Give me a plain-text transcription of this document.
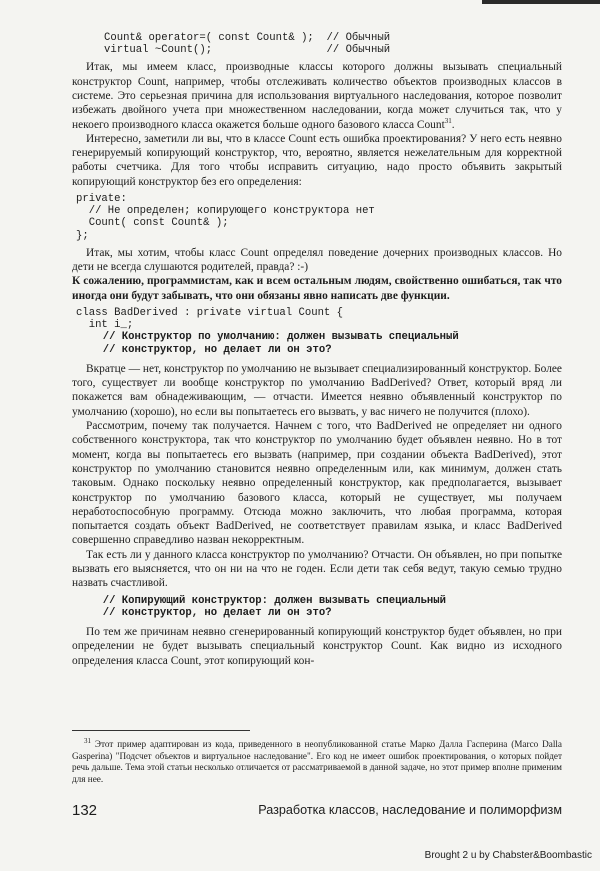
Count& operator=( const Count& );  // Обычный
virtual ~Count();                  // Обычный

Итак, мы имеем класс, производные классы которого должны вызывать специальный конструктор Count, например, чтобы отслеживать количество объектов производных классов в системе. Это серьезная причина для использования виртуального наследования, которое позволит избежать двойного учета при множественном наследовании, когда может случиться так, что у некоего производного класса окажется больше одного базового класса Count$^{31}$.

Интересно, заметили ли вы, что в классе Count есть ошибка проектирования? У него есть неявно генерируемый копирующий конструктор, что, вероятно, является нежелательным для корректной работы счетчика. Для того чтобы исправить ситуацию, надо просто объявить закрытый копирующий конструктор без его определения:

private:
// Не определен; копирующего конструктора нет
Count( const Count& );
};

Итак, мы хотим, чтобы класс Count определял поведение дочерних производных классов. Но дети не всегда слушаются родителей, правда? :-)

К сожалению, программистам, как и всем остальным людям, свойственно ошибаться, так что иногда они будут забывать, что они обязаны явно написать две функции.

class BadDerived : private virtual Count {
int i_;
// Конструктор по умолчанию: должен вызывать специальный
// конструктор, но делает ли он это?

Вкратце — нет, конструктор по умолчанию не вызывает специализированный конструктор. Более того, существует ли вообще конструктор по умолчанию BadDerived? Ответ, который вряд ли покажется вам обнадеживающим, — отчасти. Имеется неявно объявленный конструктор по умолчанию (хорошо), но если вы попытаетесь его вызвать, у вас ничего не получится (плохо).

Рассмотрим, почему так получается. Начнем с того, что BadDerived не определяет ни одного собственного конструктора, так что конструктор по умолчанию будет объявлен неявно. Но в тот момент, когда вы попытаетесь его вызвать (например, при создании объекта BadDerived), этот конструктор по умолчанию становится неявно определенным или, как минимум, должен стать таковым. Однако поскольку неявно определенный конструктор, как предполагается, вызывает конструктор по умолчанию базового класса, который не существует, мы получаем неработоспособную программу. Отсюда можно заключить, что любая программа, которая попытается создать объект BadDerived, не соответствует правилам языка, и класс BadDerived совершенно справедливо назван некорректным.

Так есть ли у данного класса конструктор по умолчанию? Отчасти. Он объявлен, но при попытке вызвать его выясняется, что он ни на что не годен. Если дети так себя ведут, такую семью трудно назвать счастливой.

// Копирующий конструктор: должен вызывать специальный
// конструктор, но делает ли он это?

По тем же причинам неявно сгенерированный копирующий конструктор будет объявлен, но при определении не будет вызывать специальный конструктор Count. Как видно из исходного определения класса Count, этот копирующий кон-

$^{31}$ Этот пример адаптирован из кода, приведенного в неопубликованной статье Марко Далла Гасперина (Marco Dalla Gasperina) "Подсчет объектов и виртуальное наследование". Его код не имеет ошибок проектирования, о которых пойдет речь дальше. Тема этой статьи несколько отличается от рассматриваемой в данной задаче, но этот пример вполне применим для нее.

132	Разработка классов, наследование и полиморфизм
Brought 2 u by Chabster&Boombastic
